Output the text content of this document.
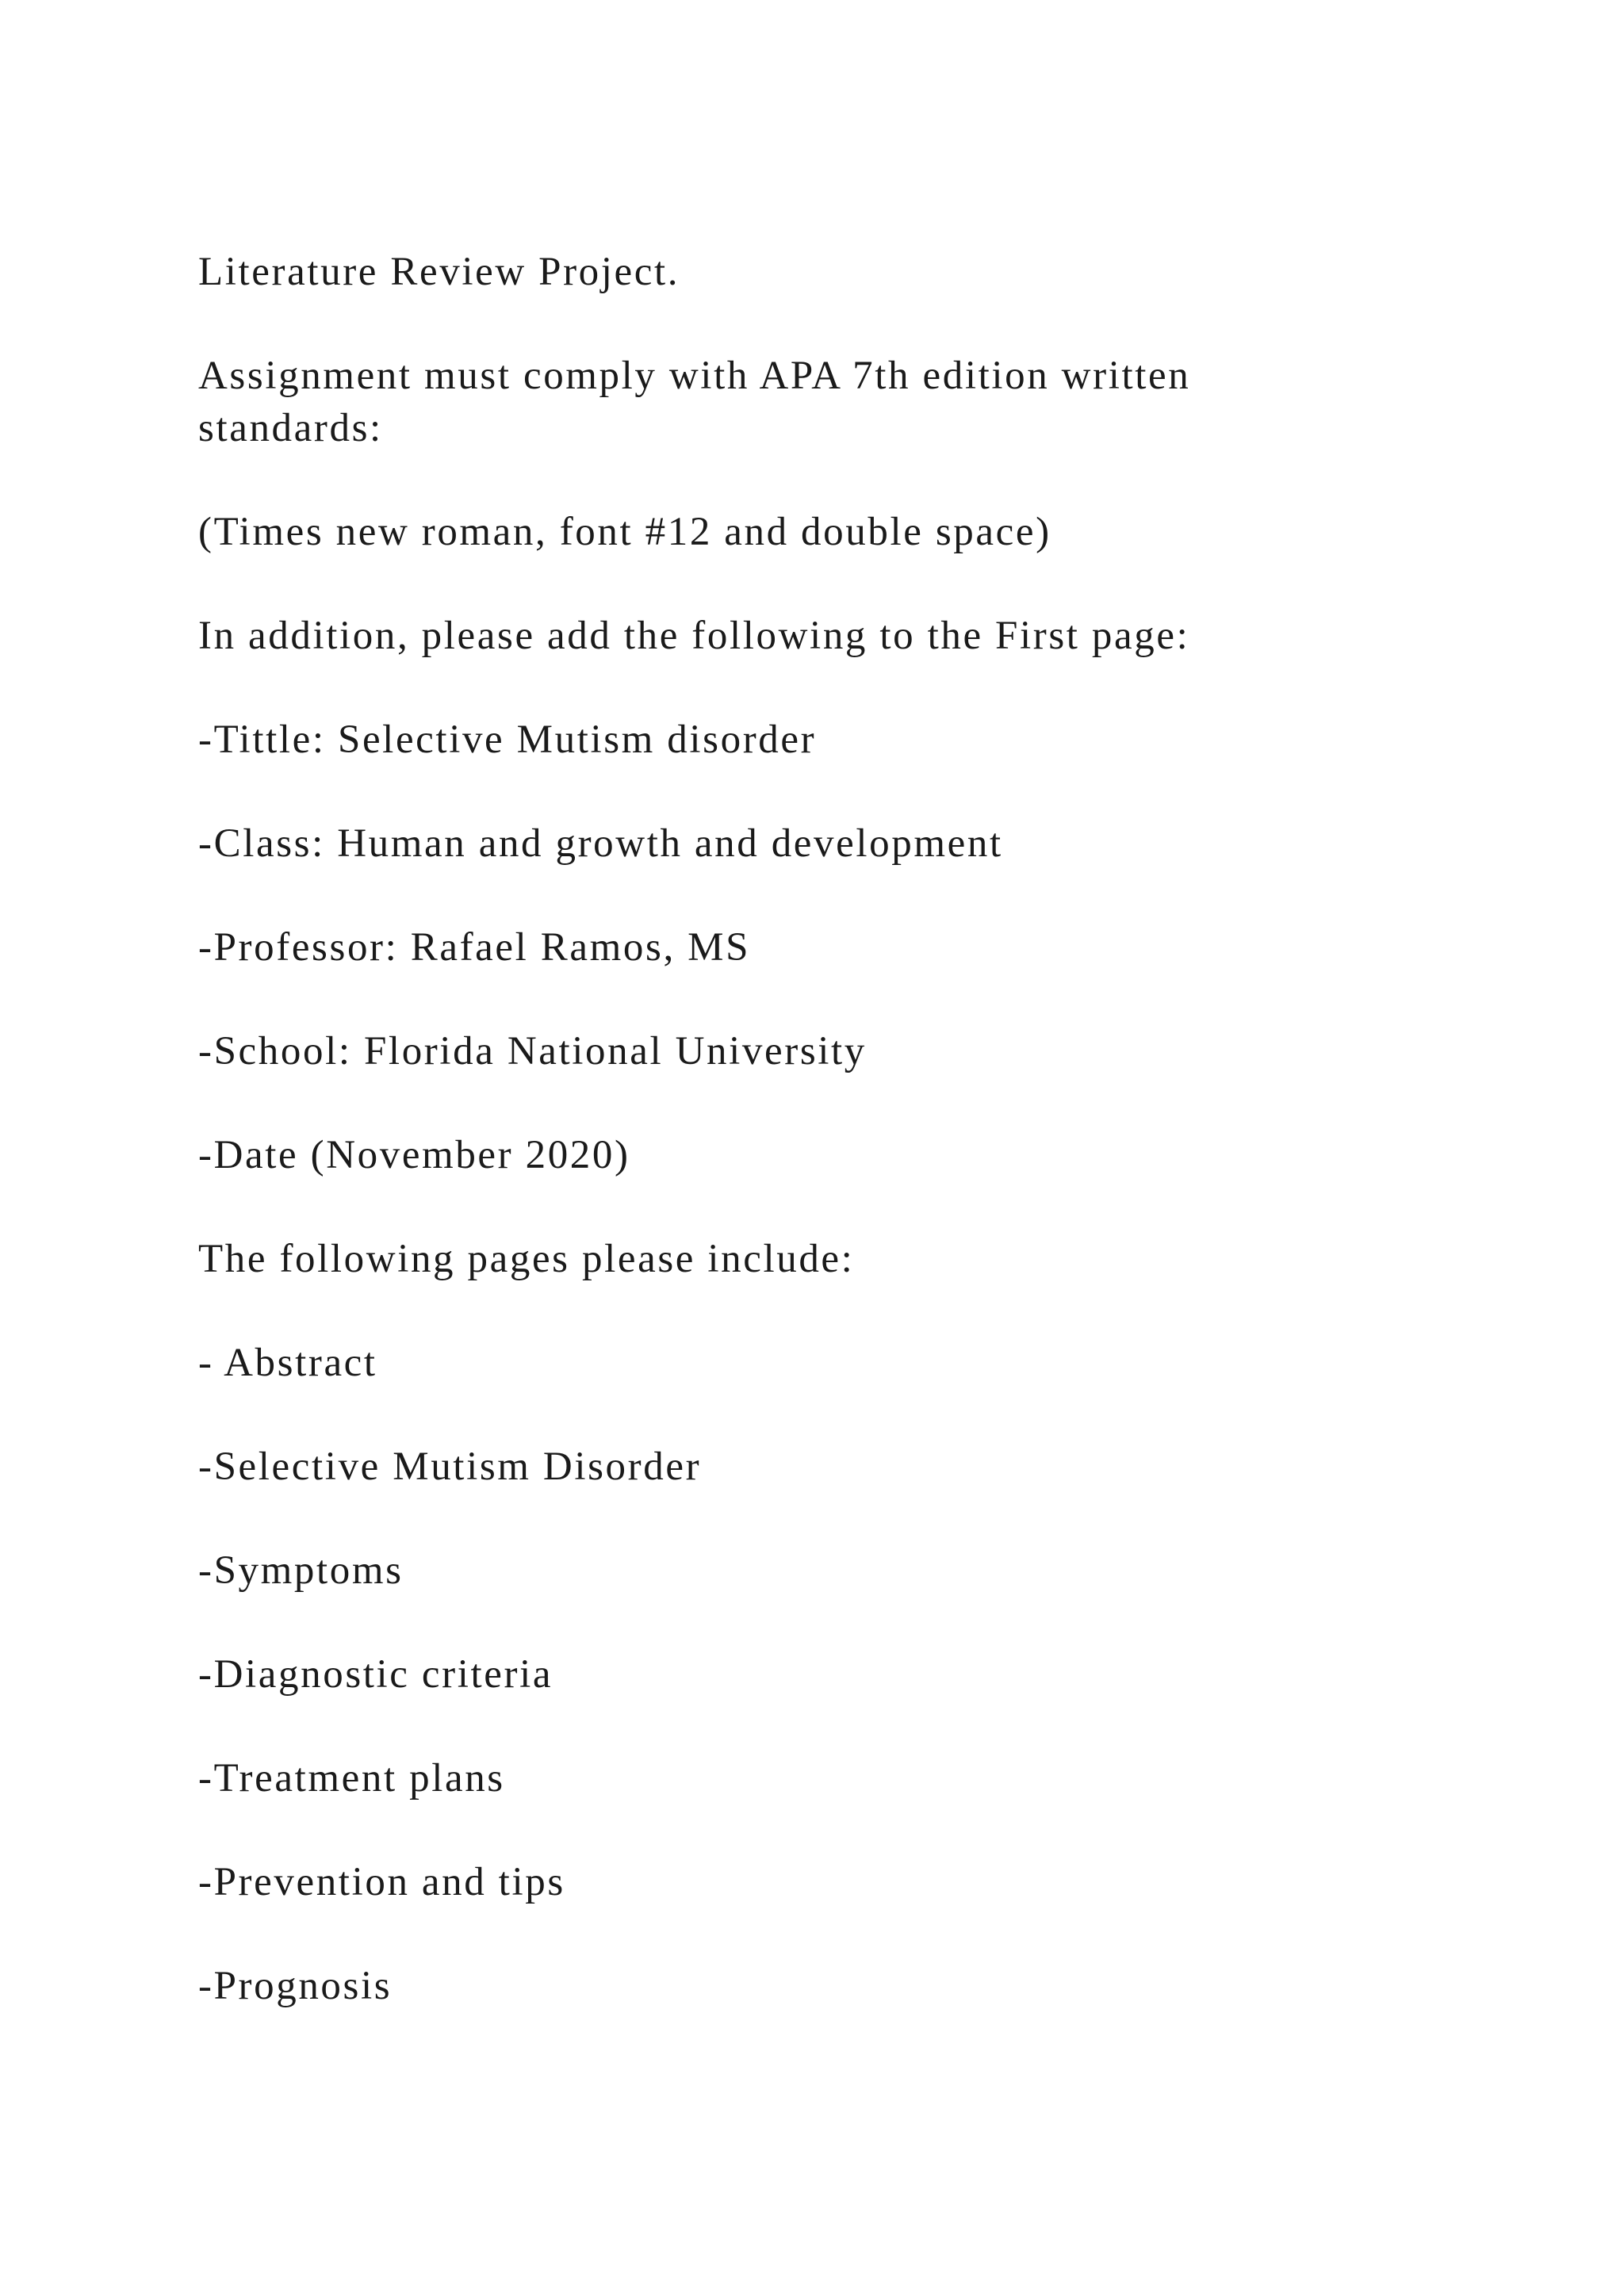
Literature Review Project.

Assignment must comply with APA 7th edition written standards:

(Times new roman, font #12 and double space)

In addition, please add the following to the First page:

-Tittle: Selective Mutism disorder

-Class: Human and growth and development

-Professor: Rafael Ramos, MS

-School: Florida National University

-Date (November 2020)

The following pages please include:

- Abstract

-Selective Mutism Disorder

-Symptoms

-Diagnostic criteria

-Treatment plans

-Prevention and tips

-Prognosis
